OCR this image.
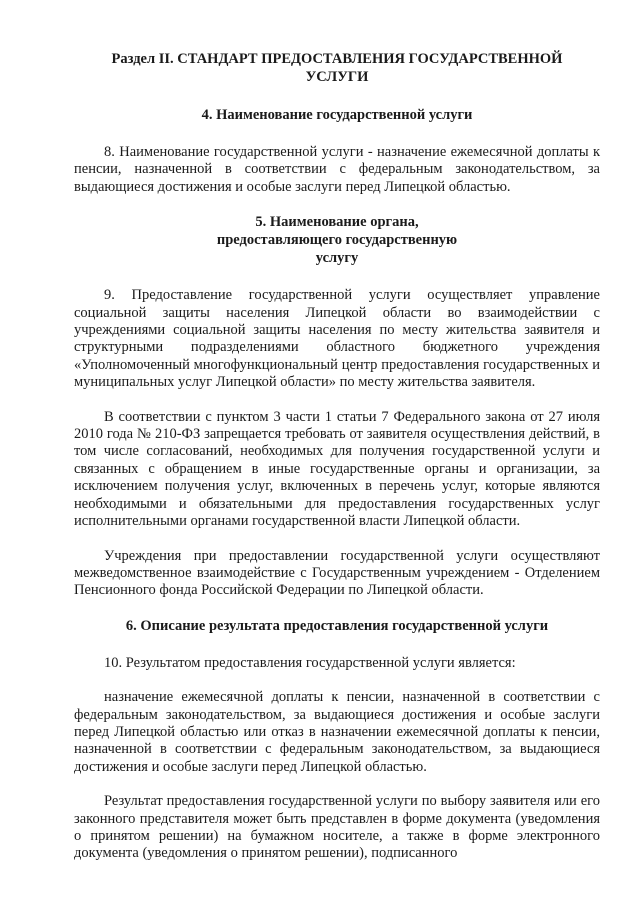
Раздел II. СТАНДАРТ ПРЕДОСТАВЛЕНИЯ ГОСУДАРСТВЕННОЙ УСЛУГИ
4. Наименование государственной услуги

8. Наименование государственной услуги - назначение ежемесячной доплаты к пенсии, назначенной в соответствии с федеральным законодательством, за выдающиеся достижения и особые заслуги перед Липецкой областью.

5. Наименование органа, предоставляющего государственную услугу

9. Предоставление государственной услуги осуществляет управление социальной защиты населения Липецкой области во взаимодействии с учреждениями социальной защиты населения по месту жительства заявителя и структурными подразделениями областного бюджетного учреждения «Уполномоченный многофункциональный центр предоставления государственных и муниципальных услуг Липецкой области» по месту жительства заявителя.

В соответствии с пунктом 3 части 1 статьи 7 Федерального закона от 27 июля 2010 года № 210-ФЗ запрещается требовать от заявителя осуществления действий, в том числе согласований, необходимых для получения государственной услуги и связанных с обращением в иные государственные органы и организации, за исключением получения услуг, включенных в перечень услуг, которые являются необходимыми и обязательными для предоставления государственных услуг исполнительными органами государственной власти Липецкой области.

Учреждения при предоставлении государственной услуги осуществляют межведомственное взаимодействие с Государственным учреждением - Отделением Пенсионного фонда Российской Федерации по Липецкой области.

6. Описание результата предоставления государственной услуги

10. Результатом предоставления государственной услуги является:

назначение ежемесячной доплаты к пенсии, назначенной в соответствии с федеральным законодательством, за выдающиеся достижения и особые заслуги перед Липецкой областью или отказ в назначении ежемесячной доплаты к пенсии, назначенной в соответствии с федеральным законодательством, за выдающиеся достижения и особые заслуги перед Липецкой областью.

Результат предоставления государственной услуги по выбору заявителя или его законного представителя может быть представлен в форме документа (уведомления о принятом решении) на бумажном носителе, а также в форме электронного документа (уведомления о принятом решении), подписанного
